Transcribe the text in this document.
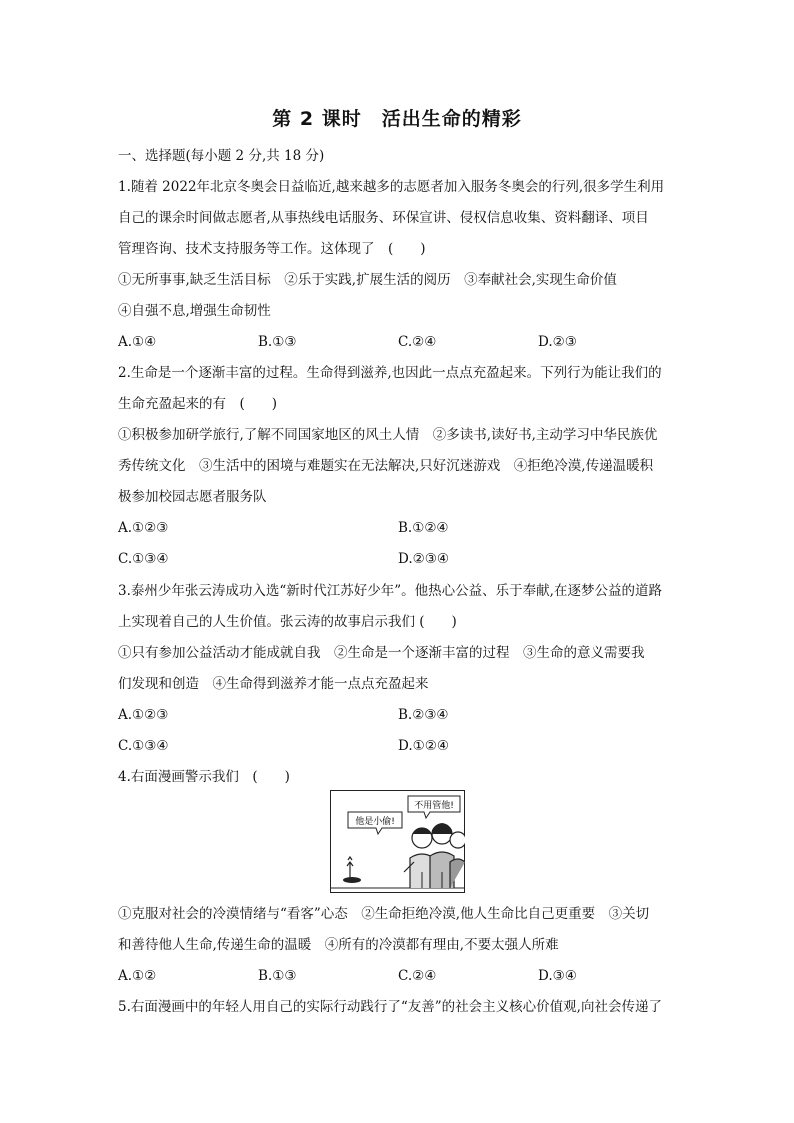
第 2 课时　活出生命的精彩
一、选择题(每小题 2 分,共 18 分)
1.随着 2022年北京冬奥会日益临近,越来越多的志愿者加入服务冬奥会的行列,很多学生利用
自己的课余时间做志愿者,从事热线电话服务、环保宣讲、侵权信息收集、资料翻译、项目
管理咨询、技术支持服务等工作。这体现了　(　　)
①无所事事,缺乏生活目标　②乐于实践,扩展生活的阅历　③奉献社会,实现生命价值
④自强不息,增强生命韧性
A.①④	B.①③	C.②④	D.②③
2.生命是一个逐渐丰富的过程。生命得到滋养,也因此一点点充盈起来。下列行为能让我们的
生命充盈起来的有　(　　)
①积极参加研学旅行,了解不同国家地区的风土人情　②多读书,读好书,主动学习中华民族优
秀传统文化　③生活中的困境与难题实在无法解决,只好沉迷游戏　④拒绝冷漠,传递温暖积
极参加校园志愿者服务队
A.①②③	B.①②④
C.①③④	D.②③④
3.泰州少年张云涛成功入选“新时代江苏好少年”。他热心公益、乐于奉献,在逐梦公益的道路
上实现着自己的人生价值。张云涛的故事启示我们 (　　)
①只有参加公益活动才能成就自我　②生命是一个逐渐丰富的过程　③生命的意义需要我
们发现和创造　④生命得到滋养才能一点点充盈起来
A.①②③	B.②③④
C.①③④	D.①②④
4.右面漫画警示我们　(　　)
他是小偷!
不用管他!
①克服对社会的冷漠情绪与“看客”心态　②生命拒绝冷漠,他人生命比自己更重要　③关切
和善待他人生命,传递生命的温暖　④所有的冷漠都有理由,不要太强人所难
A.①②	B.①③	C.②④	D.③④
5.右面漫画中的年轻人用自己的实际行动践行了“友善”的社会主义核心价值观,向社会传递了
